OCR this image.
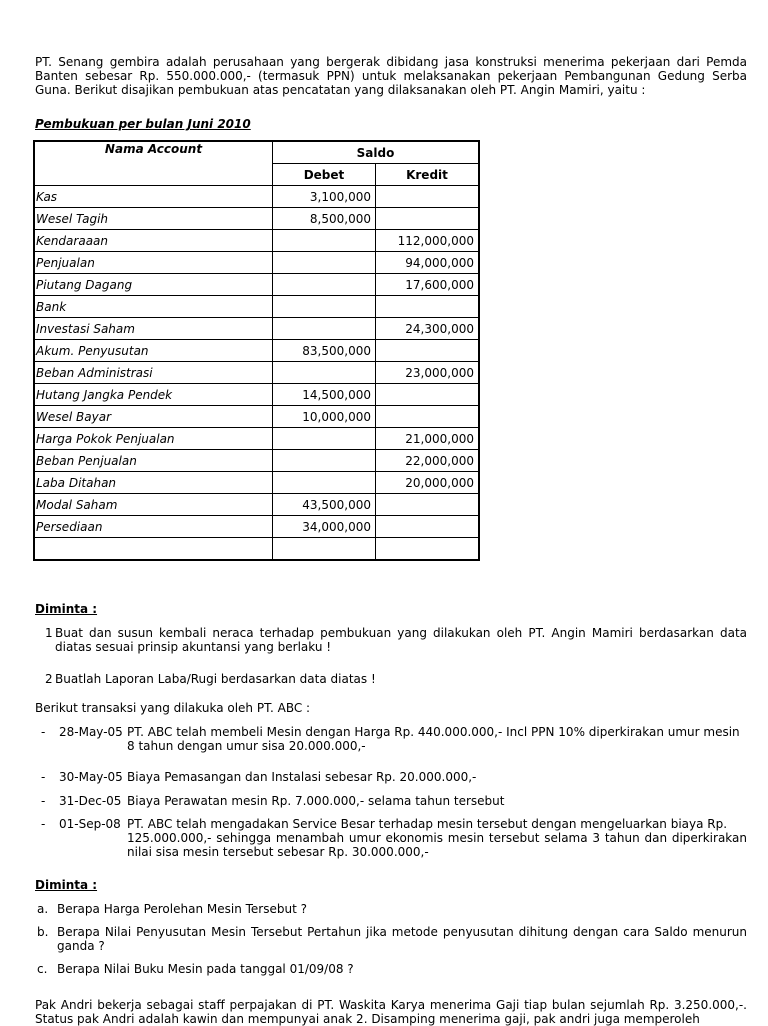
PT. Senang gembira adalah perusahaan yang bergerak dibidang jasa konstruksi menerima pekerjaan dari Pemda Banten sebesar Rp. 550.000.000,- (termasuk PPN) untuk melaksanakan pekerjaan Pembangunan Gedung Serba Guna. Berikut disajikan pembukuan atas pencatatan yang dilaksanakan oleh PT. Angin Mamiri, yaitu :

Pembukuan per bulan Juni 2010

Nama Account	Saldo	
	Debet	Kredit
Kas	3,100,000	
Wesel Tagih	8,500,000	
Kendaraaan		112,000,000
Penjualan		94,000,000
Piutang Dagang		17,600,000
Bank		
Investasi Saham		24,300,000
Akum. Penyusutan	83,500,000	
Beban Administrasi		23,000,000
Hutang Jangka Pendek	14,500,000	
Wesel Bayar	10,000,000	
Harga Pokok Penjualan		21,000,000
Beban Penjualan		22,000,000
Laba Ditahan		20,000,000
Modal Saham	43,500,000	
Persediaan	34,000,000	

Diminta :

1 Buat dan susun kembali neraca terhadap pembukuan yang dilakukan oleh PT. Angin Mamiri berdasarkan data diatas sesuai prinsip akuntansi yang berlaku !
2 Buatlah Laporan Laba/Rugi berdasarkan data diatas !

Berikut transaksi yang dilakuka oleh PT. ABC :

- 28-May-05 PT. ABC telah membeli Mesin dengan Harga Rp. 440.000.000,- Incl PPN 10% diperkirakan umur mesin
8 tahun dengan umur sisa 20.000.000,-
- 30-May-05 Biaya Pemasangan dan Instalasi sebesar Rp. 20.000.000,-
- 31-Dec-05 Biaya Perawatan mesin Rp. 7.000.000,- selama tahun tersebut
- 01-Sep-08 PT. ABC telah mengadakan Service Besar terhadap mesin tersebut dengan mengeluarkan biaya Rp.
125.000.000,- sehingga menambah umur ekonomis mesin tersebut selama 3 tahun dan diperkirakan nilai sisa mesin tersebut sebesar Rp. 30.000.000,-

Diminta :

a. Berapa Harga Perolehan Mesin Tersebut ?
b. Berapa Nilai Penyusutan Mesin Tersebut Pertahun jika metode penyusutan dihitung dengan cara Saldo menurun ganda ?
c. Berapa Nilai Buku Mesin pada tanggal 01/09/08 ?

Pak Andri bekerja sebagai staff perpajakan di PT. Waskita Karya menerima Gaji tiap bulan sejumlah Rp. 3.250.000,-. Status pak Andri adalah kawin dan mempunyai anak 2. Disamping menerima gaji, pak andri juga memperoleh
